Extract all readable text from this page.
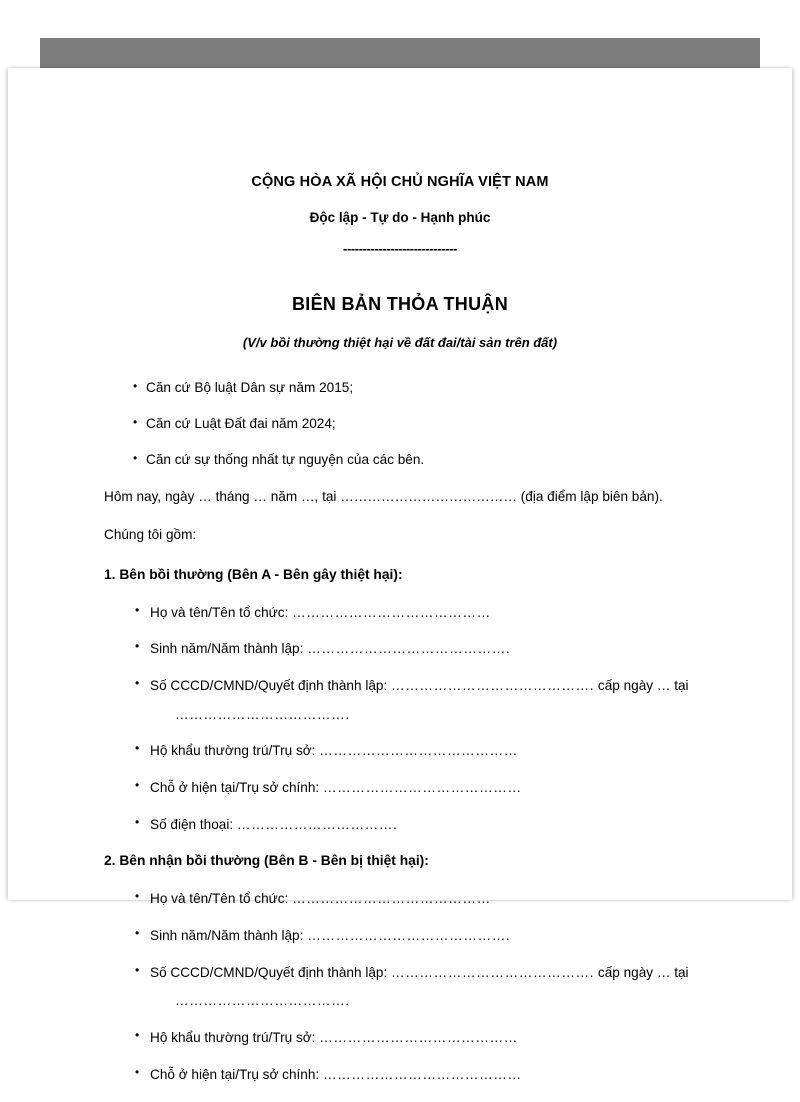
CỘNG HÒA XÃ HỘI CHỦ NGHĨA VIỆT NAM
Độc lập - Tự do - Hạnh phúc
-----------------------------
BIÊN BẢN THỎA THUẬN
(V/v bồi thường thiệt hại về đất đai/tài sản trên đất)
• Căn cứ Bộ luật Dân sự năm 2015;
• Căn cứ Luật Đất đai năm 2024;
• Căn cứ sự thống nhất tự nguyện của các bên.
Hôm nay, ngày … tháng … năm …, tại ………………………………… (địa điểm lập biên bản).
Chúng tôi gồm:
1. Bên bồi thường (Bên A - Bên gây thiệt hại):
• Họ và tên/Tên tổ chức: ……………………………………
• Sinh năm/Năm thành lập: …………………………………….
• Số CCCD/CMND/Quyết định thành lập: ……………………………………. cấp ngày … tại
……………………………….
• Hộ khẩu thường trú/Trụ sở: ……………………………………
• Chỗ ở hiện tại/Trụ sở chính: ……………………………………
• Số điện thoại: …………………………….
2. Bên nhận bồi thường (Bên B - Bên bị thiệt hại):
• Họ và tên/Tên tổ chức: ……………………………………
• Sinh năm/Năm thành lập: …………………………………….
• Số CCCD/CMND/Quyết định thành lập: ……………………………………. cấp ngày … tại
……………………………….
• Hộ khẩu thường trú/Trụ sở: ……………………………………
• Chỗ ở hiện tại/Trụ sở chính: ……………………………………
